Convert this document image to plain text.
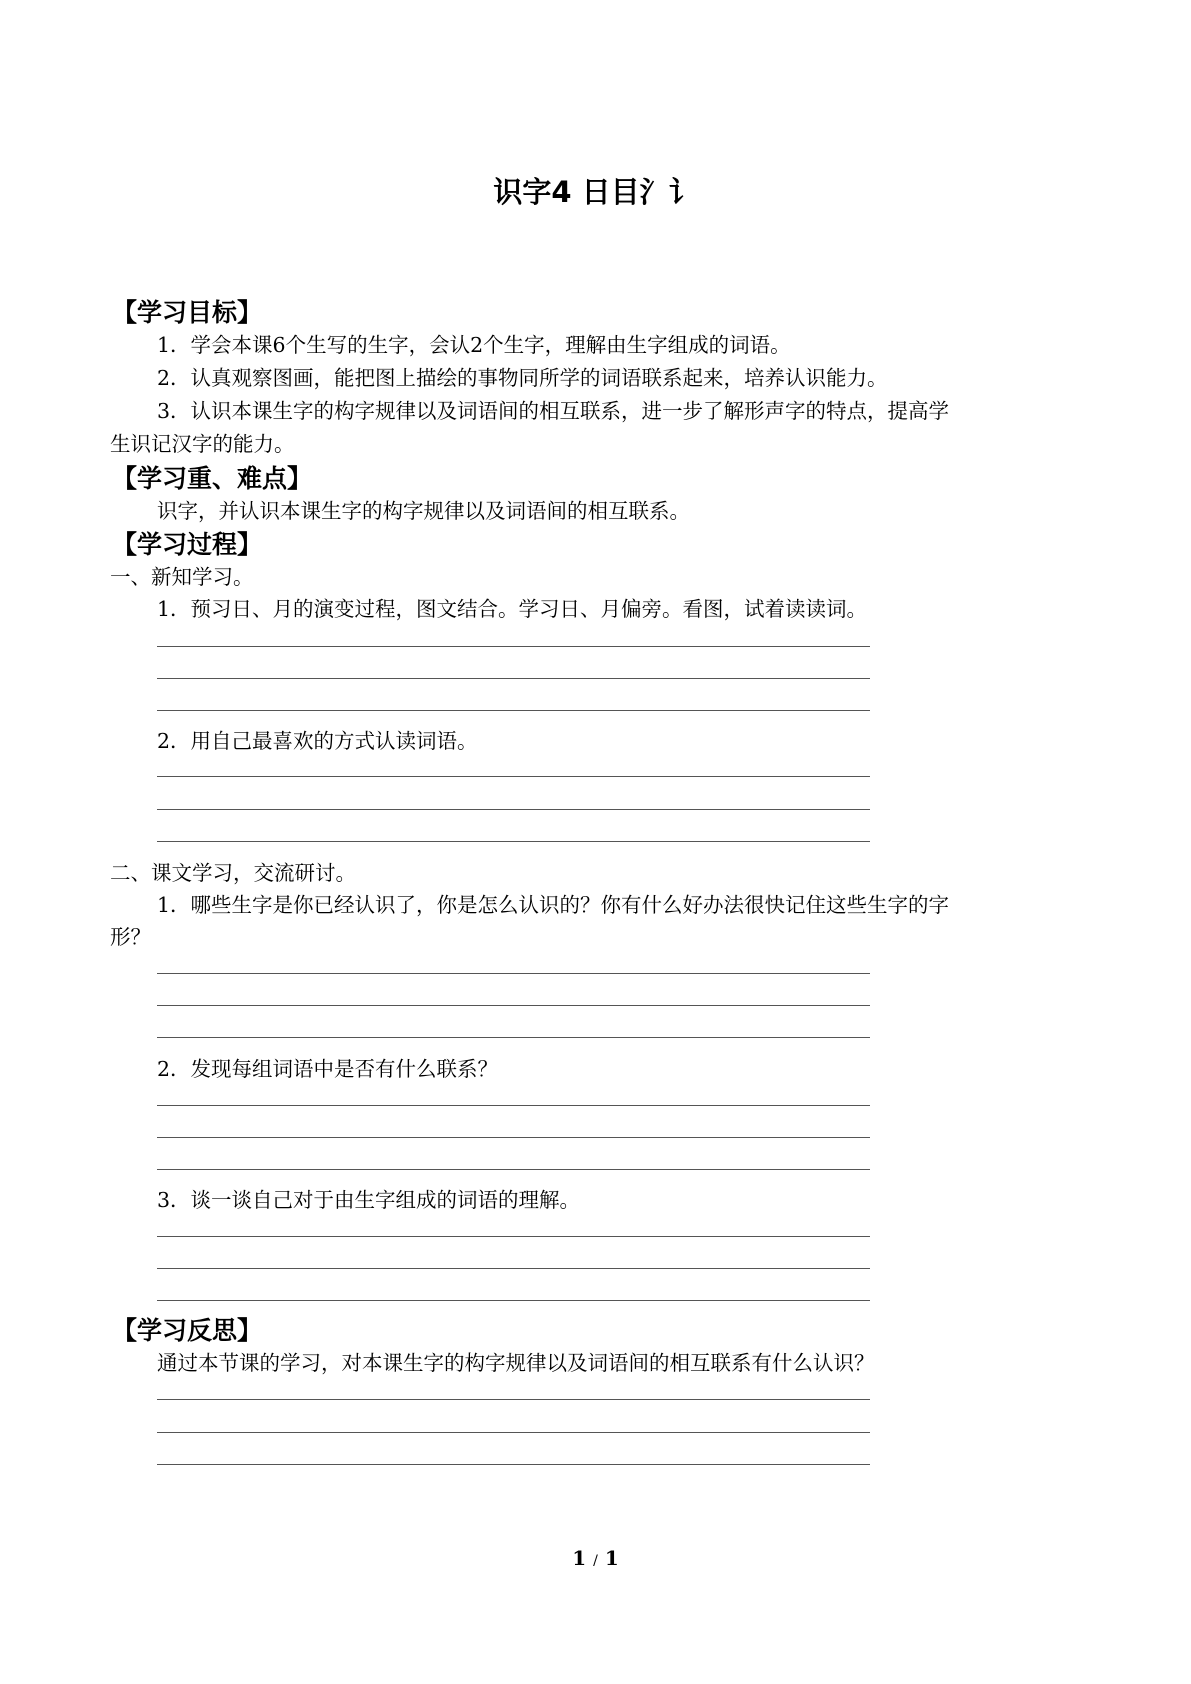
识字4 日目氵讠
【学习目标】
1．学会本课6个生写的生字，会认2个生字，理解由生字组成的词语。
2．认真观察图画，能把图上描绘的事物同所学的词语联系起来，培养认识能力。
3．认识本课生字的构字规律以及词语间的相互联系，进一步了解形声字的特点，提高学
生识记汉字的能力。
【学习重、难点】
识字，并认识本课生字的构字规律以及词语间的相互联系。
【学习过程】
一、新知学习。
1．预习日、月的演变过程，图文结合。学习日、月偏旁。看图，试着读读词。
2．用自己最喜欢的方式认读词语。
二、课文学习，交流研讨。
1．哪些生字是你已经认识了，你是怎么认识的？你有什么好办法很快记住这些生字的字
形？
2．发现每组词语中是否有什么联系？
3．谈一谈自己对于由生字组成的词语的理解。
【学习反思】
通过本节课的学习，对本课生字的构字规律以及词语间的相互联系有什么认识？
1 / 1
